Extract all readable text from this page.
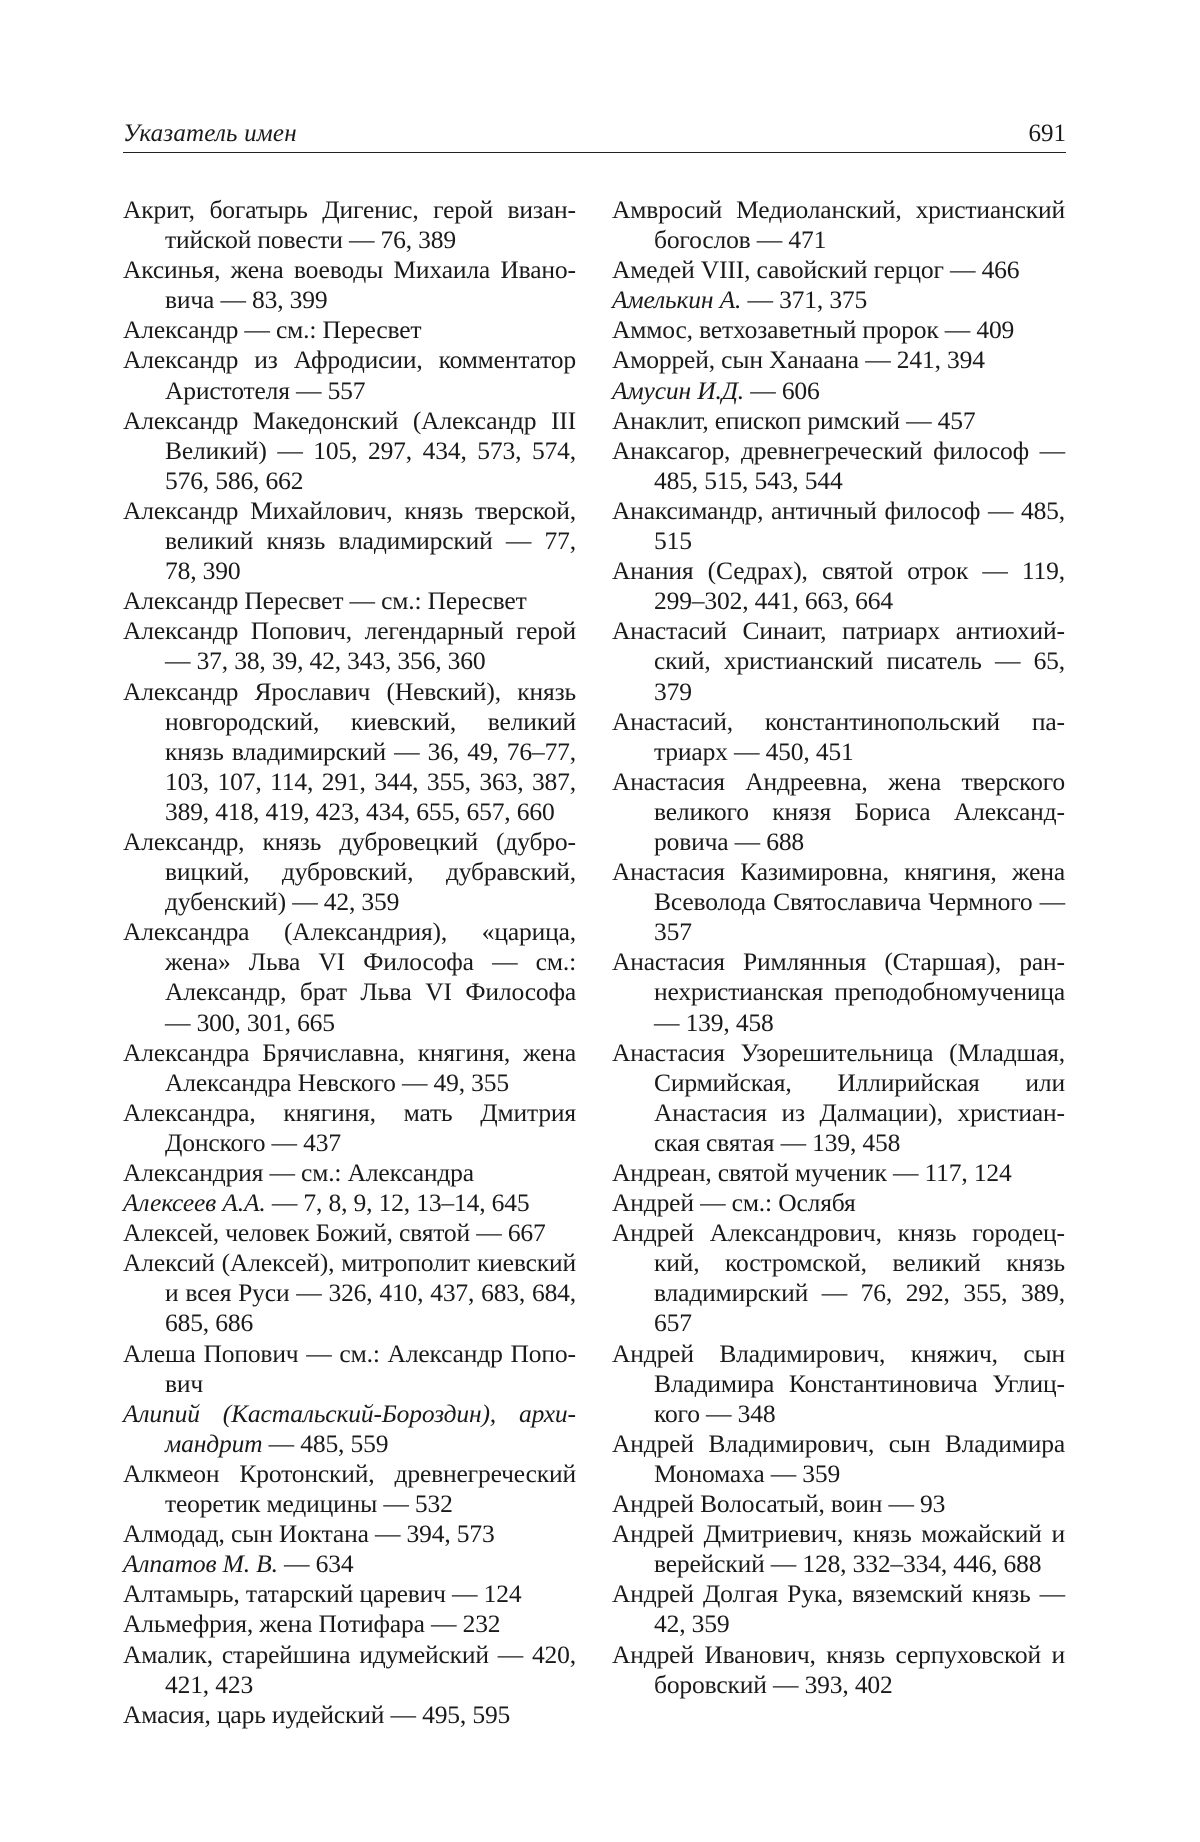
Указатель имен	691

Акрит, богатырь Дигенис, герой византийской повести — 76, 389

Аксинья, жена воеводы Михаила Ивановича — 83, 399

Александр — см.: Пересвет

Александр из Афродисии, комментатор Аристотеля — 557

Александр Македонский (Александр III Великий) — 105, 297, 434, 573, 574, 576, 586, 662

Александр Михайлович, князь тверской, великий князь владимирский — 77, 78, 390

Александр Пересвет — см.: Пересвет

Александр Попович, легендарный герой — 37, 38, 39, 42, 343, 356, 360

Александр Ярославич (Невский), князь новгородский, киевский, великий князь владимирский — 36, 49, 76–77, 103, 107, 114, 291, 344, 355, 363, 387, 389, 418, 419, 423, 434, 655, 657, 660

Александр, князь дубровецкий (дубровицкий, дубровский, дубравский, дубенский) — 42, 359

Александра (Александрия), «царица, жена» Льва VI Философа — см.: Александр, брат Льва VI Философа — 300, 301, 665

Александра Брячиславна, княгиня, жена Александра Невского — 49, 355

Александра, княгиня, мать Дмитрия Донского — 437

Александрия — см.: Александра

Алексеев А.А. — 7, 8, 9, 12, 13–14, 645

Алексей, человек Божий, святой — 667

Алексий (Алексей), митрополит киевский и всея Руси — 326, 410, 437, 683, 684, 685, 686

Алеша Попович — см.: Александр Попович

Алипий (Кастальский-Бороздин), архимандрит — 485, 559

Алкмеон Кротонский, древнегреческий теоретик медицины — 532

Алмодад, сын Иоктана — 394, 573

Алпатов М. В. — 634

Алтамырь, татарский царевич — 124

Альмефрия, жена Потифара — 232

Амалик, старейшина идумейский — 420, 421, 423

Амасия, царь иудейский — 495, 595

Амвросий Медиоланский, христианский богослов — 471

Амедей VIII, савойский герцог — 466

Амелькин А. — 371, 375

Аммос, ветхозаветный пророк — 409

Аморрей, сын Ханаана — 241, 394

Амусин И.Д. — 606

Анаклит, епископ римский — 457

Анаксагор, древнегреческий философ — 485, 515, 543, 544

Анаксимандр, античный философ — 485, 515

Анания (Седрах), святой отрок — 119, 299–302, 441, 663, 664

Анастасий Синаит, патриарх антиохийский, христианский писатель — 65, 379

Анастасий, константинопольский патриарх — 450, 451

Анастасия Андреевна, жена тверского великого князя Бориса Александровича — 688

Анастасия Казимировна, княгиня, жена Всеволода Святославича Чермного — 357

Анастасия Римлянныя (Старшая), раннехристианская преподобномученица — 139, 458

Анастасия Узорешительница (Младшая, Сирмийская, Иллирийская или Анастасия из Далмации), христианская святая — 139, 458

Андреан, святой мученик — 117, 124

Андрей — см.: Ослябя

Андрей Александрович, князь городецкий, костромской, великий князь владимирский — 76, 292, 355, 389, 657

Андрей Владимирович, княжич, сын Владимира Константиновича Углицкого — 348

Андрей Владимирович, сын Владимира Мономаха — 359

Андрей Волосатый, воин — 93

Андрей Дмитриевич, князь можайский и верейский — 128, 332–334, 446, 688

Андрей Долгая Рука, вяземский князь — 42, 359

Андрей Иванович, князь серпуховской и боровский — 393, 402
